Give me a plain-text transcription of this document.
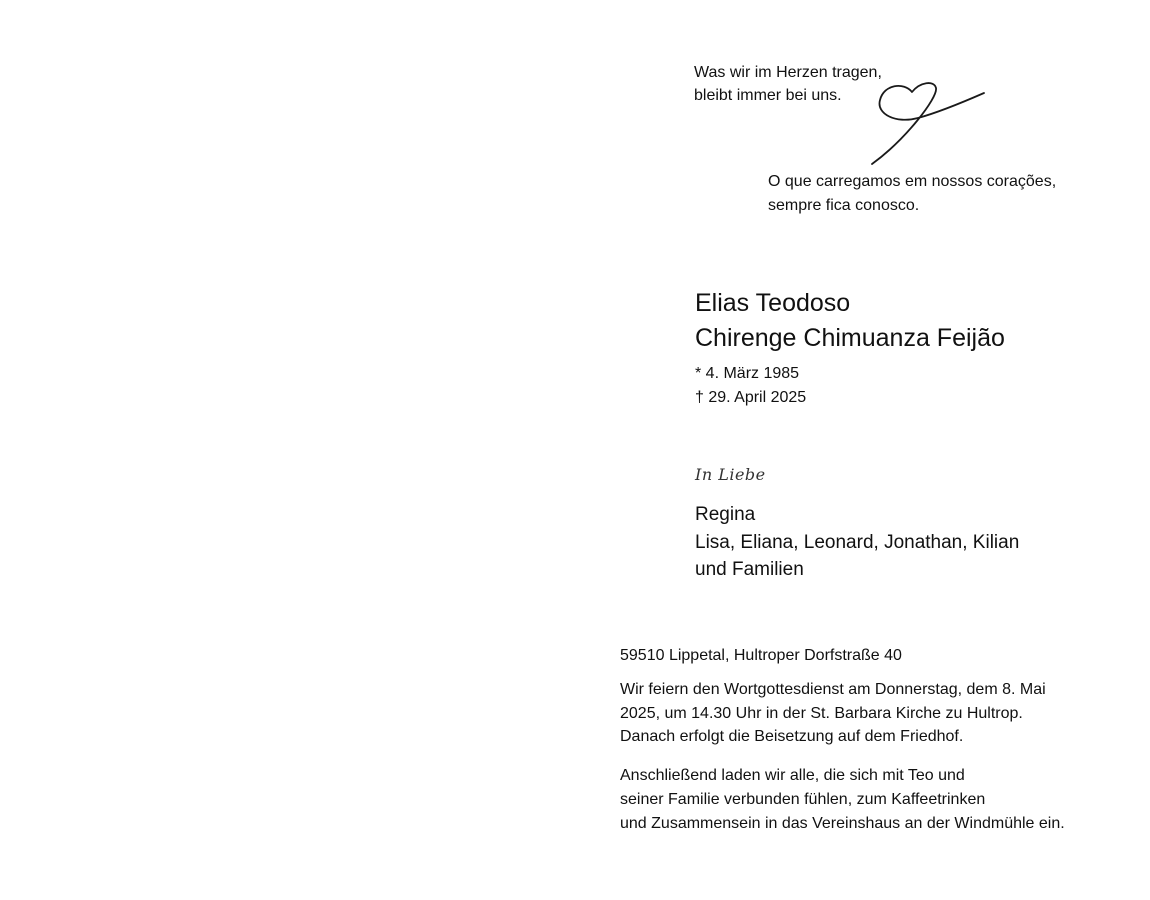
Was wir im Herzen tragen,
bleibt immer bei uns.
O que carregamos em nossos corações,
sempre fica conosco.
Elias Teodoso
Chirenge Chimuanza Feijão
* 4. März 1985
† 29. April 2025
In Liebe
Regina
Lisa, Eliana, Leonard, Jonathan, Kilian
und Familien
59510 Lippetal, Hultroper Dorfstraße 40
Wir feiern den Wortgottesdienst am Donnerstag, dem 8. Mai
2025, um 14.30 Uhr in der St. Barbara Kirche zu Hultrop.
Danach erfolgt die Beisetzung auf dem Friedhof.
Anschließend laden wir alle, die sich mit Teo und
seiner Familie verbunden fühlen, zum Kaffeetrinken
und Zusammensein in das Vereinshaus an der Windmühle ein.
